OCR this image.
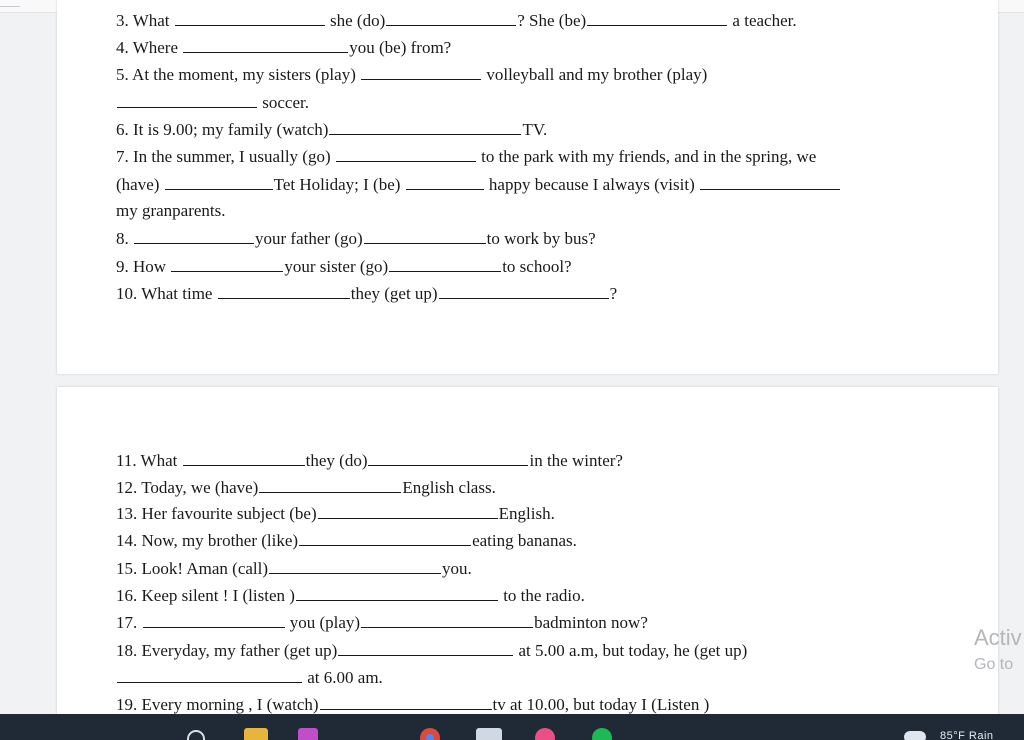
Activ
Go to
85°F Rain
3. What	she (do)	? She (be)	a teacher.
4. Where	you (be) from?
5. At the moment, my sisters (play)	volleyball and my brother (play)
soccer.
6. It is 9.00; my family (watch)	TV.
7. In the summer, I usually (go)	to the park with my friends, and in the spring, we
(have)	Tet Holiday; I (be)	happy because I always (visit)
my granparents.
8.	your father (go)	to work by bus?
9. How	your sister (go)	to school?
10. What time	they (get up)	?
11. What	they (do)	in the winter?
12. Today, we (have)	English class.
13. Her favourite subject (be)	English.
14. Now, my brother (like)	eating bananas.
15. Look! Aman (call)	you.
16. Keep silent ! I (listen )	to the radio.
17.	you (play)	badminton now?
18. Everyday, my father (get up)	at 5.00 a.m, but today, he (get up)
at 6.00 am.
19. Every morning , I (watch)	tv at 10.00, but today I (Listen )
